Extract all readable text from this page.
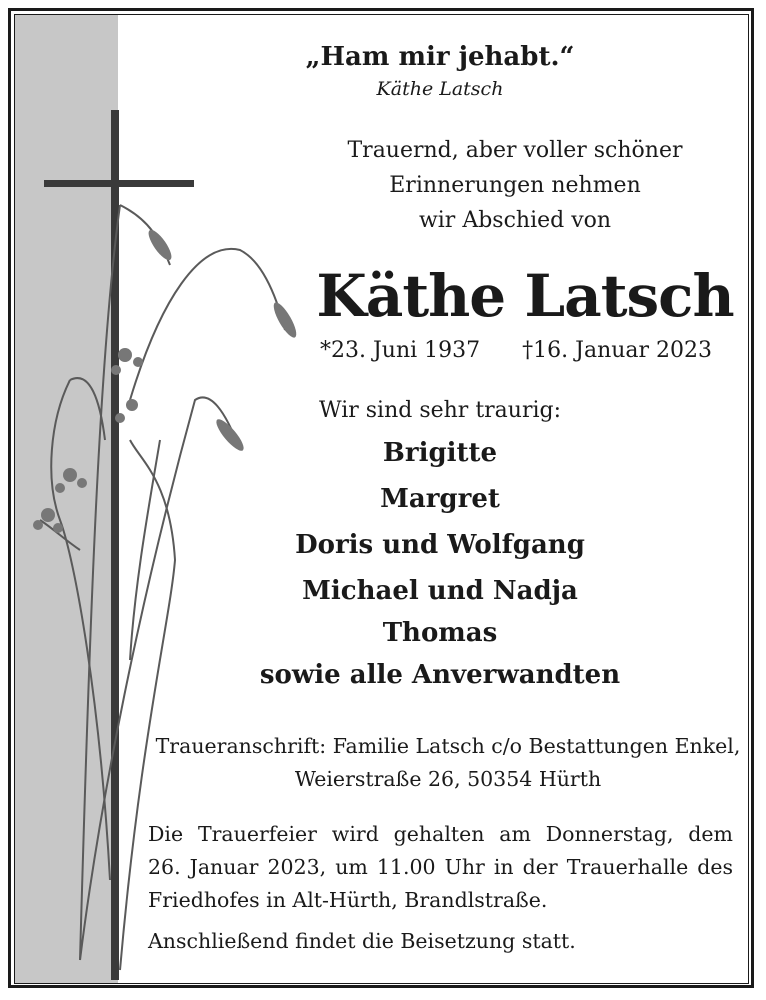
„Ham mir jehabt.“
Käthe Latsch
Trauernd, aber voller schöner
Erinnerungen nehmen
wir Abschied von
Käthe Latsch
*23. Juni 1937 †16. Januar 2023
Wir sind sehr traurig:
Brigitte
Margret
Doris und Wolfgang
Michael und Nadja
Thomas
sowie alle Anverwandten
Traueranschrift: Familie Latsch c/o Bestattungen Enkel,
Weierstraße 26, 50354 Hürth
Die Trauerfeier wird gehalten am Donnerstag, dem
26. Januar 2023, um 11.00 Uhr in der Trauerhalle des
Friedhofes in Alt-Hürth, Brandlstraße.
Anschließend findet die Beisetzung statt.
